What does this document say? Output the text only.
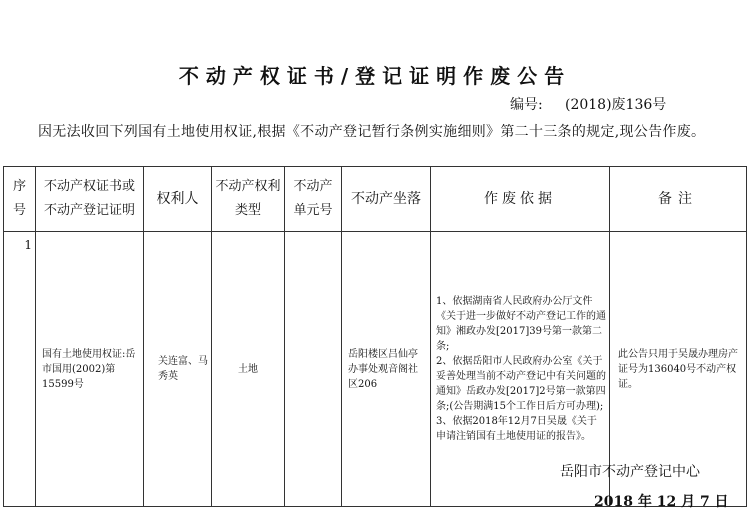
不动产权证书/登记证明作废公告
编号: (2018)废136号
因无法收回下列国有土地使用权证,根据《不动产登记暂行条例实施细则》第二十三条的规定,现公告作废。
序号	不动产权证书或不动产登记证明	权利人	不动产权利类型	不动产单元号	不动产坐落	作废依据	备注
1	国有土地使用权证:岳市国用(2002)第15599号	关连富、马秀英	土地		岳阳楼区吕仙亭办事处观音阁社区206	1、依据湖南省人民政府办公厅文件《关于进一步做好不动产登记工作的通知》湘政办发[2017]39号第一款第二条;

2、依据岳阳市人民政府办公室《关于妥善处理当前不动产登记中有关问题的通知》岳政办发[2017]2号第一款第四条;(公告期满15个工作日后方可办理);

3、依据2018年12月7日吴晟《关于申请注销国有土地使用证的报告》。	此公告只用于吴晟办理房产证号为136040号不动产权证。
岳阳市不动产登记中心
2018 年 12 月 7 日
